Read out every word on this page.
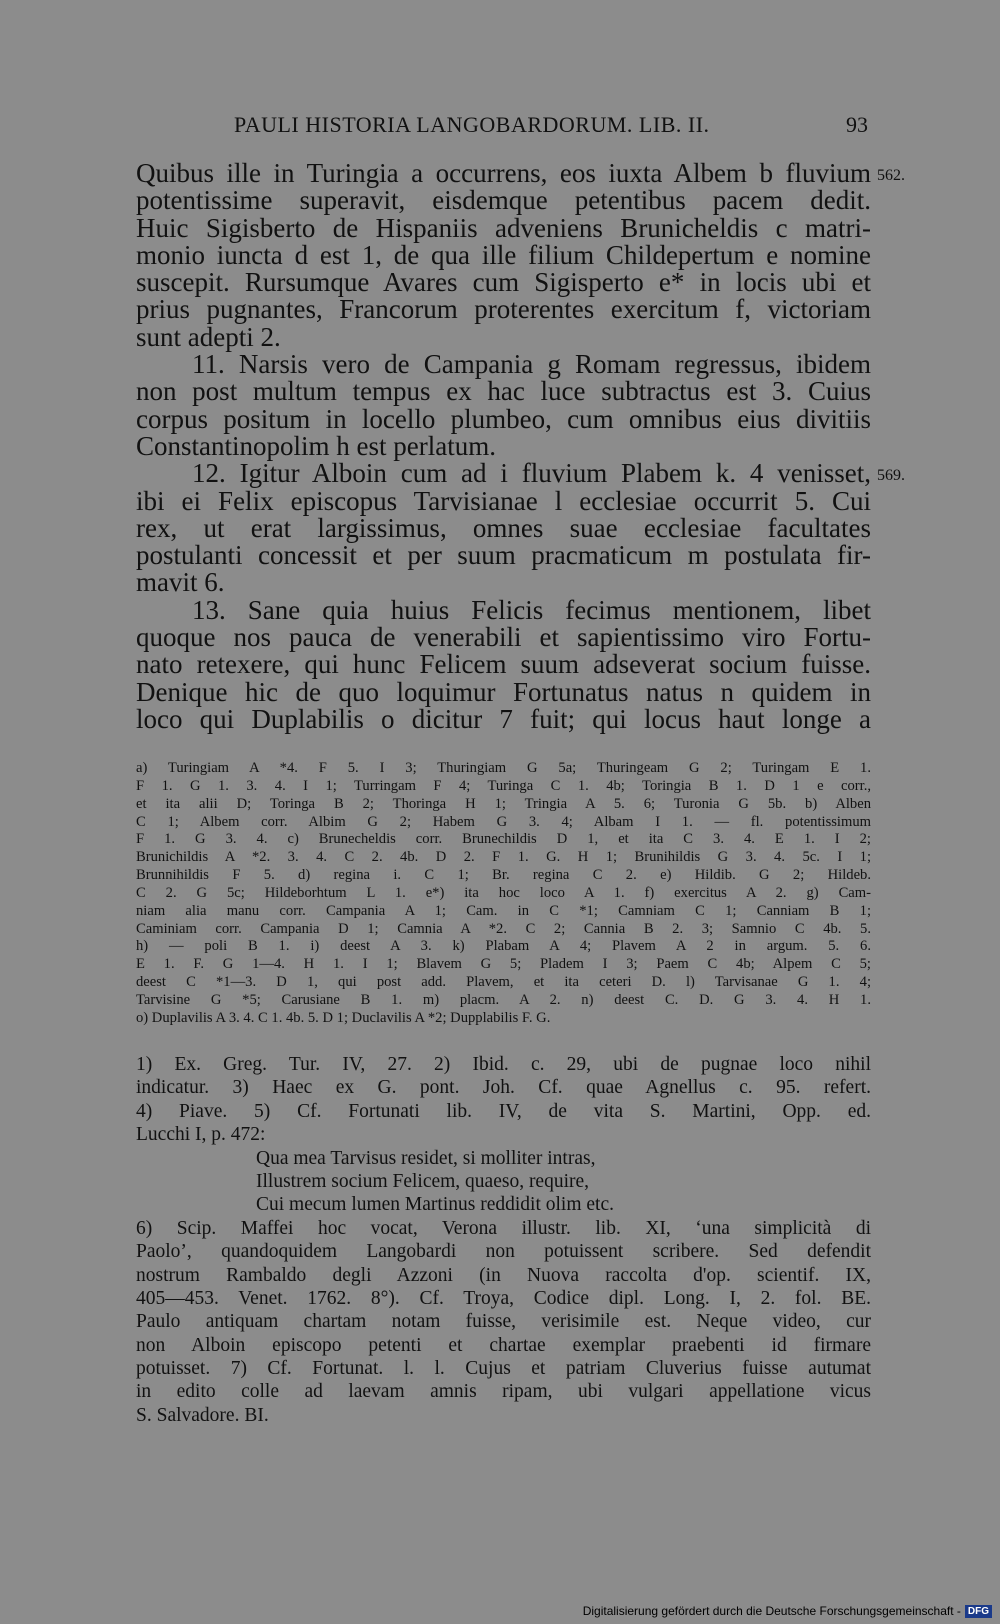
PAULI HISTORIA LANGOBARDORUM. LIB. II.	93
562.
569.
Quibus ille in Turingia a occurrens, eos iuxta Albem b fluvium
potentissime superavit, eisdemque petentibus pacem dedit.
Huic Sigisberto de Hispaniis adveniens Brunicheldis c matri-
monio iuncta d est 1, de qua ille filium Childepertum e nomine
suscepit. Rursumque Avares cum Sigisperto e* in locis ubi et
prius pugnantes, Francorum proterentes exercitum f, victoriam
sunt adepti 2.
11. Narsis vero de Campania g Romam regressus, ibidem
non post multum tempus ex hac luce subtractus est 3. Cuius
corpus positum in locello plumbeo, cum omnibus eius divitiis
Constantinopolim h est perlatum.
12. Igitur Alboin cum ad i fluvium Plabem k. 4 venisset,
ibi ei Felix episcopus Tarvisianae l ecclesiae occurrit 5. Cui
rex, ut erat largissimus, omnes suae ecclesiae facultates
postulanti concessit et per suum pracmaticum m postulata fir-
mavit 6.
13. Sane quia huius Felicis fecimus mentionem, libet
quoque nos pauca de venerabili et sapientissimo viro Fortu-
nato retexere, qui hunc Felicem suum adseverat socium fuisse.
Denique hic de quo loquimur Fortunatus natus n quidem in
loco qui Duplabilis o dicitur 7 fuit; qui locus haut longe a
a) Turingiam A *4. F 5. I 3; Thuringiam G 5a; Thuringeam G 2; Turingam E 1.
F 1. G 1. 3. 4. I 1; Turringam F 4; Turinga C 1. 4b; Toringia B 1. D 1 e corr.,
et ita alii D; Toringa B 2; Thoringa H 1; Tringia A 5. 6; Turonia G 5b. b) Alben
C 1; Albem corr. Albim G 2; Habem G 3. 4; Albam I 1. — fl. potentissimum
F 1. G 3. 4. c) Brunecheldis corr. Brunechildis D 1, et ita C 3. 4. E 1. I 2;
Brunichildis A *2. 3. 4. C 2. 4b. D 2. F 1. G. H 1; Brunihildis G 3. 4. 5c. I 1;
Brunnihildis F 5. d) regina i. C 1; Br. regina C 2. e) Hildib. G 2; Hildeb.
C 2. G 5c; Hildeborhtum L 1. e*) ita hoc loco A 1. f) exercitus A 2. g) Cam-
niam alia manu corr. Campania A 1; Cam. in C *1; Camniam C 1; Canniam B 1;
Caminiam corr. Campania D 1; Camnia A *2. C 2; Cannia B 2. 3; Samnio C 4b. 5.
h) — poli B 1. i) deest A 3. k) Plabam A 4; Plavem A 2 in argum. 5. 6.
E 1. F. G 1—4. H 1. I 1; Blavem G 5; Pladem I 3; Paem C 4b; Alpem C 5;
deest C *1—3. D 1, qui post add. Plavem, et ita ceteri D. l) Tarvisanae G 1. 4;
Tarvisine G *5; Carusiane B 1. m) placm. A 2. n) deest C. D. G 3. 4. H 1.
o) Duplavilis A 3. 4. C 1. 4b. 5. D 1; Duclavilis A *2; Dupplabilis F. G.
1) Ex. Greg. Tur. IV, 27. 2) Ibid. c. 29, ubi de pugnae loco nihil
indicatur. 3) Haec ex G. pont. Joh. Cf. quae Agnellus c. 95. refert.
4) Piave. 5) Cf. Fortunati lib. IV, de vita S. Martini, Opp. ed.
Lucchi I, p. 472:
Qua mea Tarvisus residet, si molliter intras,
Illustrem socium Felicem, quaeso, require,
Cui mecum lumen Martinus reddidit olim etc.
6) Scip. Maffei hoc vocat, Verona illustr. lib. XI, ‘una simplicità di
Paolo’, quandoquidem Langobardi non potuissent scribere. Sed defendit
nostrum Rambaldo degli Azzoni (in Nuova raccolta d'op. scientif. IX,
405—453. Venet. 1762. 8°). Cf. Troya, Codice dipl. Long. I, 2. fol. BE.
Paulo antiquam chartam notam fuisse, verisimile est. Neque video, cur
non Alboin episcopo petenti et chartae exemplar praebenti id firmare
potuisset. 7) Cf. Fortunat. l. l. Cujus et patriam Cluverius fuisse autumat
in edito colle ad laevam amnis ripam, ubi vulgari appellatione vicus
S. Salvadore. BI.
Digitalisierung gefördert durch die Deutsche Forschungsgemeinschaft - DFG
